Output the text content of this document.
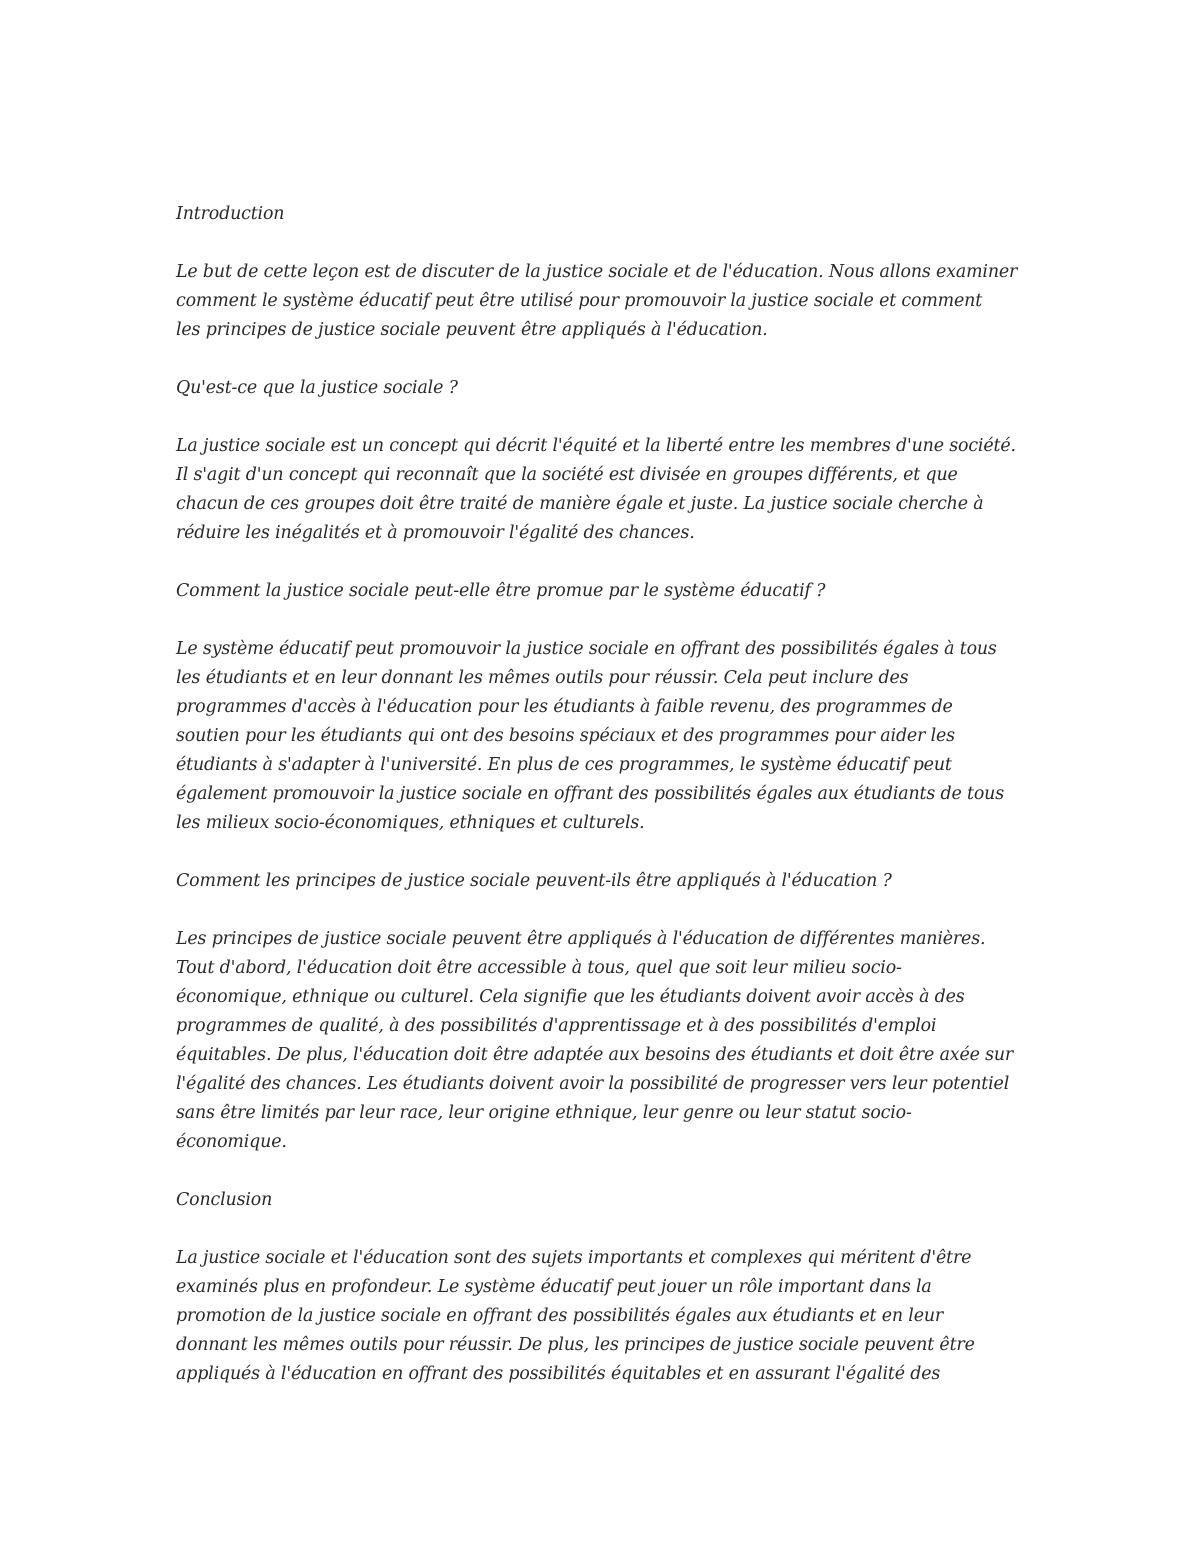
Introduction

Le but de cette leçon est de discuter de la justice sociale et de l'éducation. Nous allons examiner
comment le système éducatif peut être utilisé pour promouvoir la justice sociale et comment
les principes de justice sociale peuvent être appliqués à l'éducation.

Qu'est-ce que la justice sociale ?

La justice sociale est un concept qui décrit l'équité et la liberté entre les membres d'une société.
Il s'agit d'un concept qui reconnaît que la société est divisée en groupes différents, et que
chacun de ces groupes doit être traité de manière égale et juste. La justice sociale cherche à
réduire les inégalités et à promouvoir l'égalité des chances.

Comment la justice sociale peut-elle être promue par le système éducatif ?

Le système éducatif peut promouvoir la justice sociale en offrant des possibilités égales à tous
les étudiants et en leur donnant les mêmes outils pour réussir. Cela peut inclure des
programmes d'accès à l'éducation pour les étudiants à faible revenu, des programmes de
soutien pour les étudiants qui ont des besoins spéciaux et des programmes pour aider les
étudiants à s'adapter à l'université. En plus de ces programmes, le système éducatif peut
également promouvoir la justice sociale en offrant des possibilités égales aux étudiants de tous
les milieux socio-économiques, ethniques et culturels.

Comment les principes de justice sociale peuvent-ils être appliqués à l'éducation ?

Les principes de justice sociale peuvent être appliqués à l'éducation de différentes manières.
Tout d'abord, l'éducation doit être accessible à tous, quel que soit leur milieu socio-
économique, ethnique ou culturel. Cela signifie que les étudiants doivent avoir accès à des
programmes de qualité, à des possibilités d'apprentissage et à des possibilités d'emploi
équitables. De plus, l'éducation doit être adaptée aux besoins des étudiants et doit être axée sur
l'égalité des chances. Les étudiants doivent avoir la possibilité de progresser vers leur potentiel
sans être limités par leur race, leur origine ethnique, leur genre ou leur statut socio-
économique.

Conclusion

La justice sociale et l'éducation sont des sujets importants et complexes qui méritent d'être
examinés plus en profondeur. Le système éducatif peut jouer un rôle important dans la
promotion de la justice sociale en offrant des possibilités égales aux étudiants et en leur
donnant les mêmes outils pour réussir. De plus, les principes de justice sociale peuvent être
appliqués à l'éducation en offrant des possibilités équitables et en assurant l'égalité des
